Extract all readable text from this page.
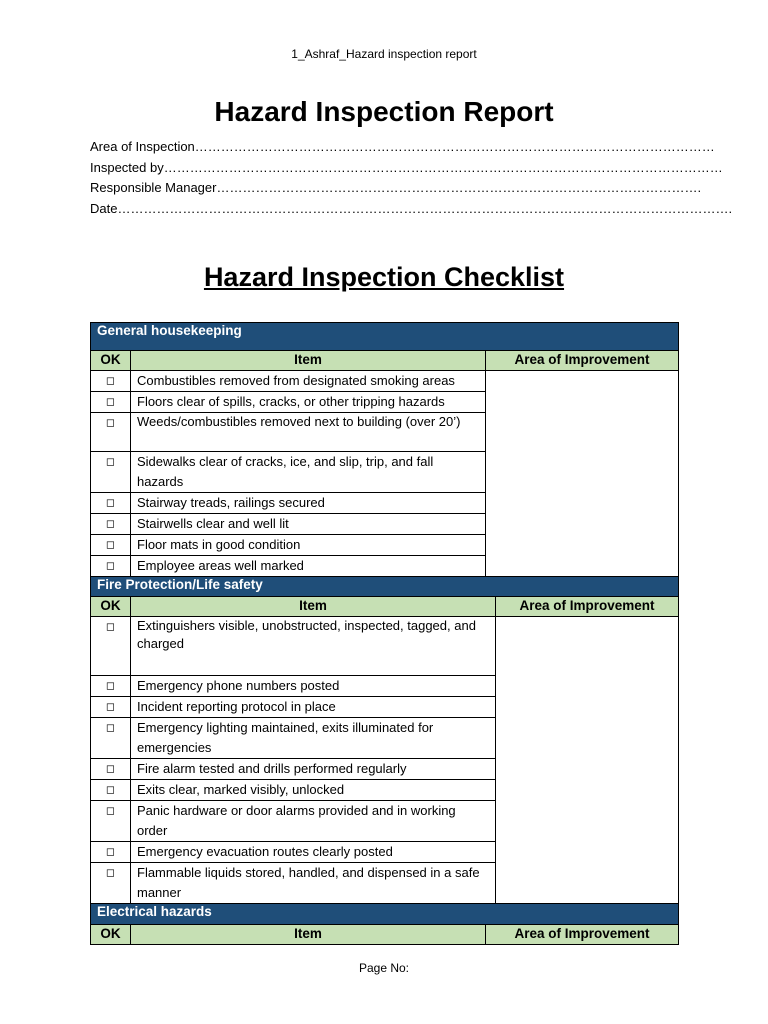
1_Ashraf_Hazard inspection report
Hazard Inspection Report
Area of Inspection…………………………………………………………………………………………………………
Inspected by…………………………………………………………………………………………………………………
Responsible Manager………………………………………………………………………………………………….
Date…………………………………………………………………………………………………………………………….
Hazard Inspection Checklist
General housekeeping		
OK	Item	Area of Improvement
◻	Combustibles removed from designated smoking areas	
◻	Floors clear of spills, cracks, or other tripping hazards	
◻	Weeds/combustibles removed next to building (over 20’)	
◻	Sidewalks clear of cracks, ice, and slip, trip, and fall hazards	
◻	Stairway treads, railings secured	
◻	Stairwells clear and well lit	
◻	Floor mats in good condition	
◻	Employee areas well marked	
Fire Protection/Life safety		
OK	Item	Area of Improvement
◻	Extinguishers visible, unobstructed, inspected, tagged, and charged	
◻	Emergency phone numbers posted	
◻	Incident reporting protocol in place	
◻	Emergency lighting maintained, exits illuminated for emergencies	
◻	Fire alarm tested and drills performed regularly	
◻	Exits clear, marked visibly, unlocked	
◻	Panic hardware or door alarms provided and in working order	
◻	Emergency evacuation routes clearly posted	
◻	Flammable liquids stored, handled, and dispensed in a safe manner	
Electrical hazards
OK	Item	Area of Improvement
Page No:
